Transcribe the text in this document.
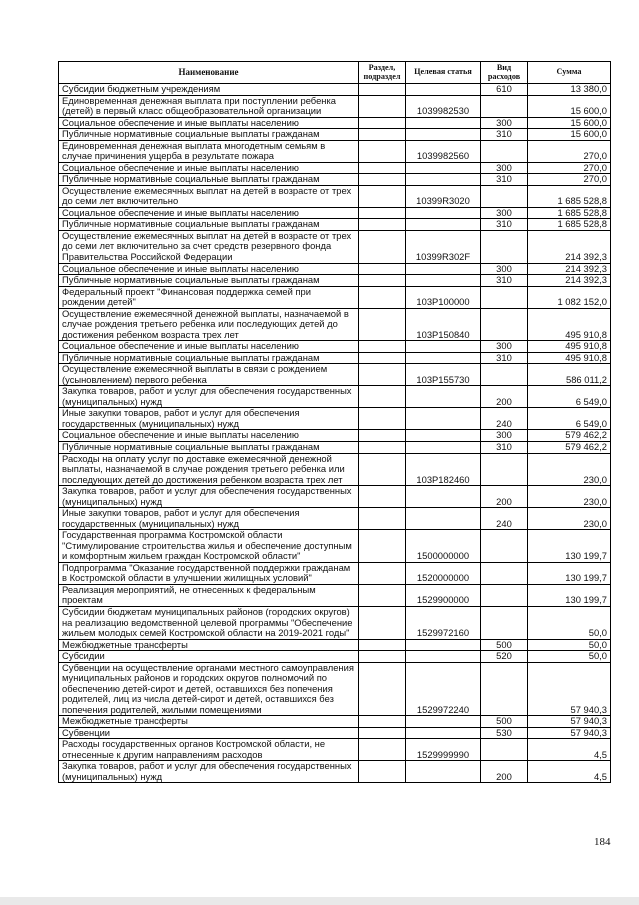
Наименование	Раздел, подраздел	Целевая статья	Вид расходов	Сумма
Субсидии бюджетным учреждениям			610	13 380,0
Единовременная денежная выплата при поступлении ребенка (детей) в первый класс общеобразовательной организации		1039982530		15 600,0
Социальное обеспечение и иные выплаты населению			300	15 600,0
Публичные нормативные социальные выплаты гражданам			310	15 600,0
Единовременная денежная выплата многодетным семьям в случае причинения ущерба в результате пожара		1039982560		270,0
Социальное обеспечение и иные выплаты населению			300	270,0
Публичные нормативные социальные выплаты гражданам			310	270,0
Осуществление ежемесячных выплат на детей в возрасте от трех до семи лет включительно		10399R3020		1 685 528,8
Социальное обеспечение и иные выплаты населению			300	1 685 528,8
Публичные нормативные социальные выплаты гражданам			310	1 685 528,8
Осуществление ежемесячных выплат на детей в возрасте от трех до семи лет включительно за счет средств резервного фонда Правительства Российской Федерации		10399R302F		214 392,3
Социальное обеспечение и иные выплаты населению			300	214 392,3
Публичные нормативные социальные выплаты гражданам			310	214 392,3
Федеральный проект "Финансовая поддержка семей при рождении детей"		103P100000		1 082 152,0
Осуществление ежемесячной денежной выплаты, назначаемой в случае рождения третьего ребенка или последующих детей до достижения ребенком возраста трех лет		103P150840		495 910,8
Социальное обеспечение и иные выплаты населению			300	495 910,8
Публичные нормативные социальные выплаты гражданам			310	495 910,8
Осуществление ежемесячной выплаты в связи с рождением (усыновлением) первого ребенка		103P155730		586 011,2
Закупка товаров, работ и услуг для обеспечения государственных (муниципальных) нужд			200	6 549,0
Иные закупки товаров, работ и услуг для обеспечения государственных (муниципальных) нужд			240	6 549,0
Социальное обеспечение и иные выплаты населению			300	579 462,2
Публичные нормативные социальные выплаты гражданам			310	579 462,2
Расходы на оплату услуг по доставке ежемесячной денежной выплаты, назначаемой в случае рождения третьего ребенка или последующих детей до достижения ребенком возраста трех лет		103P182460		230,0
Закупка товаров, работ и услуг для обеспечения государственных (муниципальных) нужд			200	230,0
Иные закупки товаров, работ и услуг для обеспечения государственных (муниципальных) нужд			240	230,0
Государственная программа Костромской области "Стимулирование строительства жилья и обеспечение доступным и комфортным жильем граждан Костромской области"		1500000000		130 199,7
Подпрограмма "Оказание государственной поддержки гражданам в Костромской области в улучшении жилищных условий"		1520000000		130 199,7
Реализация мероприятий, не отнесенных к федеральным проектам		1529900000		130 199,7
Субсидии бюджетам муниципальных районов (городских округов) на реализацию ведомственной целевой программы "Обеспечение жильем молодых семей Костромской области на 2019-2021 годы"		1529972160		50,0
Межбюджетные трансферты			500	50,0
Субсидии			520	50,0
Субвенции на осуществление органами местного самоуправления муниципальных районов и городских округов полномочий по обеспечению детей-сирот и детей, оставшихся без попечения родителей, лиц из числа детей-сирот и детей, оставшихся без попечения родителей, жилыми помещениями		1529972240		57 940,3
Межбюджетные трансферты			500	57 940,3
Субвенции			530	57 940,3
Расходы государственных органов Костромской области, не отнесенные к другим направлениям расходов		1529999990		4,5
Закупка товаров, работ и услуг для обеспечения государственных (муниципальных) нужд			200	4,5
184
